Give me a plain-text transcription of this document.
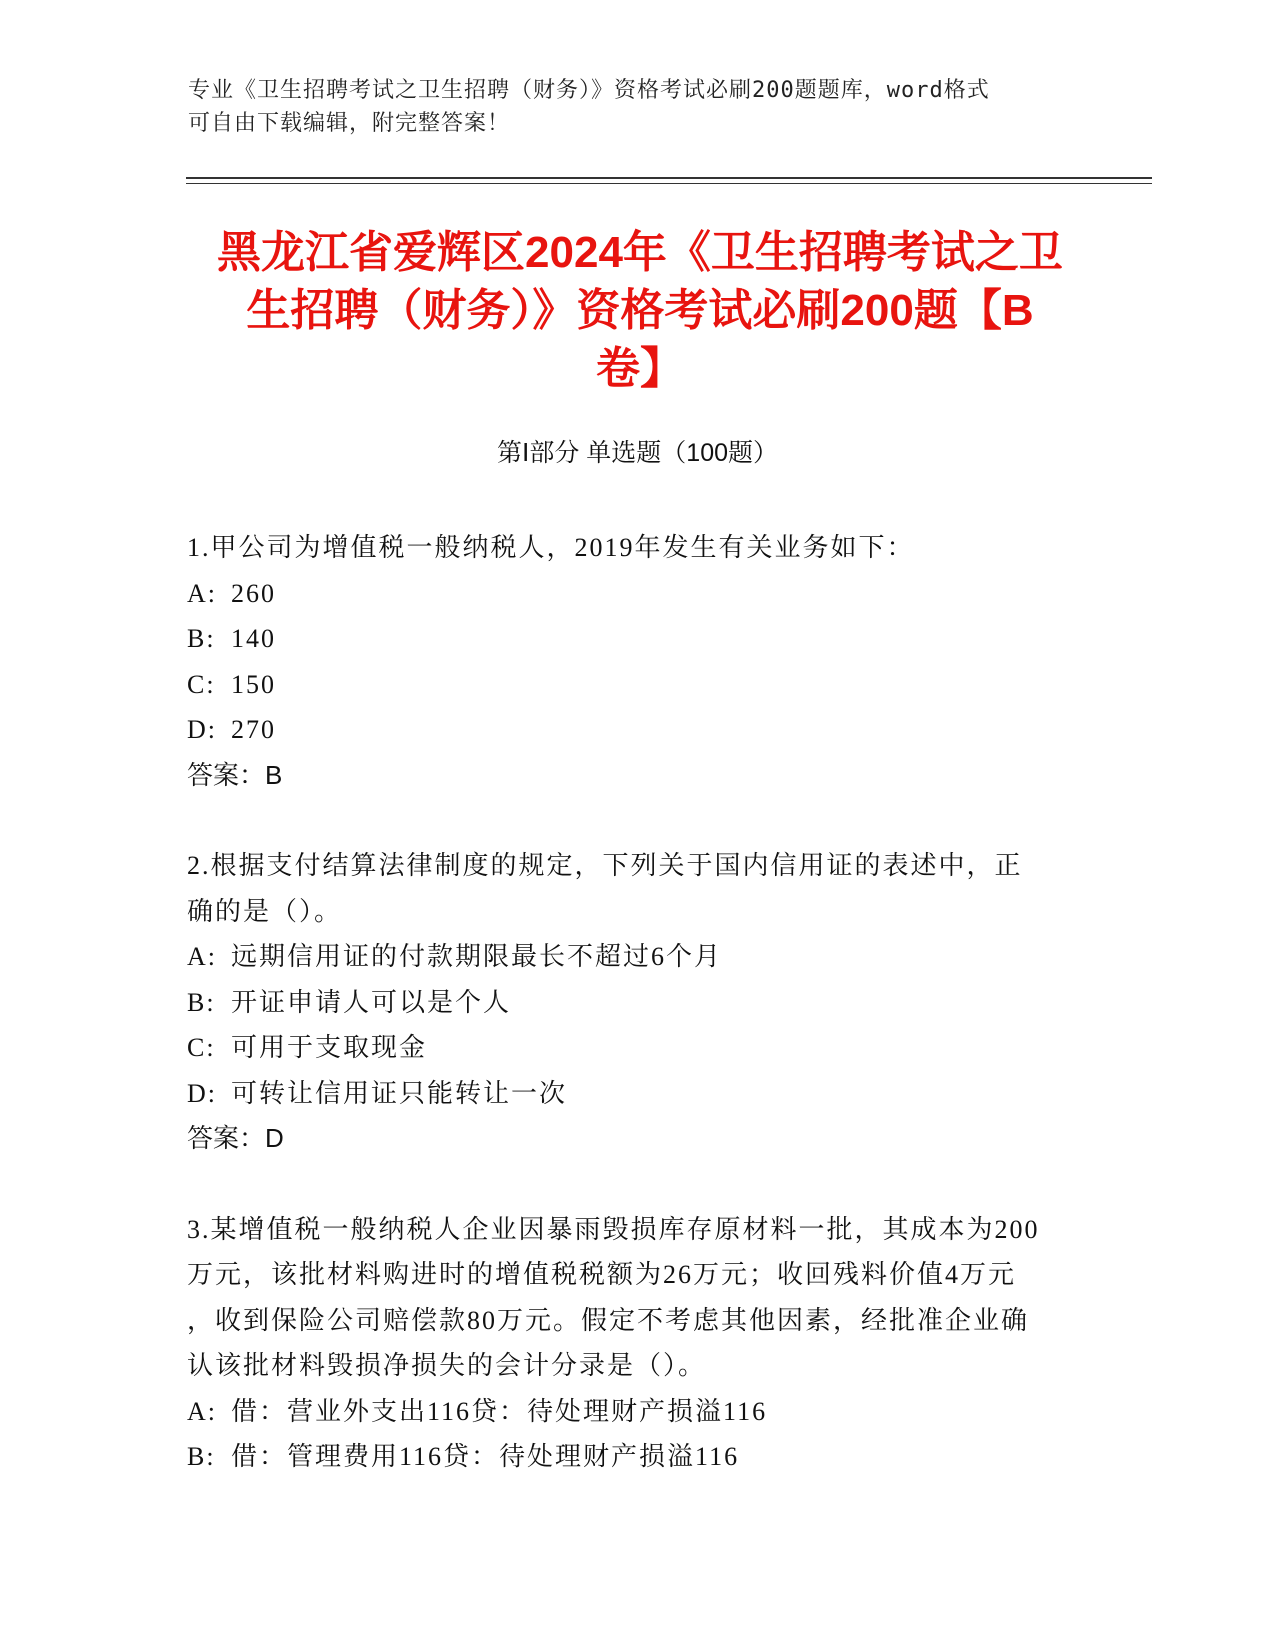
专业《卫生招聘考试之卫生招聘（财务）》资格考试必刷200题题库，word格式
可自由下载编辑，附完整答案！
黑龙江省爱辉区2024年《卫生招聘考试之卫
生招聘（财务）》资格考试必刷200题【B
卷】
第Ⅰ部分 单选题（100题）

1.甲公司为增值税一般纳税人，2019年发生有关业务如下：

A: 260
B: 140
C: 150
D: 270

答案：B

2.根据支付结算法律制度的规定，下列关于国内信用证的表述中，正

确的是（）。

A: 远期信用证的付款期限最长不超过6个月
B: 开证申请人可以是个人
C: 可用于支取现金
D: 可转让信用证只能转让一次

答案：D

3.某增值税一般纳税人企业因暴雨毁损库存原材料一批，其成本为200

万元，该批材料购进时的增值税税额为26万元；收回残料价值4万元

，收到保险公司赔偿款80万元。假定不考虑其他因素，经批准企业确

认该批材料毁损净损失的会计分录是（）。

A: 借：营业外支出116贷：待处理财产损溢116
B: 借：管理费用116贷：待处理财产损溢116
